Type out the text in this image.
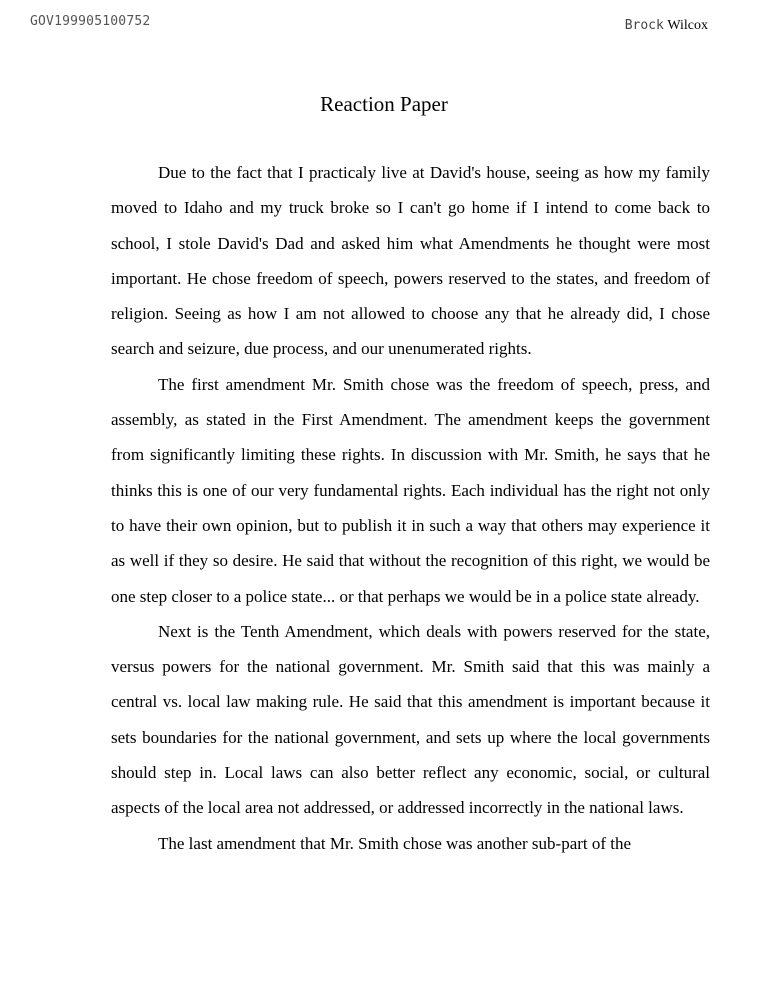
GOV199905100752	Brock Wilcox
Reaction Paper

Due to the fact that I practicaly live at David's house, seeing as how my family moved to Idaho and my truck broke so I can't go home if I intend to come back to school, I stole David's Dad and asked him what Amendments he thought were most important. He chose freedom of speech, powers reserved to the states, and freedom of religion. Seeing as how I am not allowed to choose any that he already did, I chose search and seizure, due process, and our unenumerated rights.

The first amendment Mr. Smith chose was the freedom of speech, press, and assembly, as stated in the First Amendment. The amendment keeps the government from significantly limiting these rights. In discussion with Mr. Smith, he says that he thinks this is one of our very fundamental rights. Each individual has the right not only to have their own opinion, but to publish it in such a way that others may experience it as well if they so desire. He said that without the recognition of this right, we would be one step closer to a police state... or that perhaps we would be in a police state already.

Next is the Tenth Amendment, which deals with powers reserved for the state, versus powers for the national government. Mr. Smith said that this was mainly a central vs. local law making rule. He said that this amendment is important because it sets boundaries for the national government, and sets up where the local governments should step in. Local laws can also better reflect any economic, social, or cultural aspects of the local area not addressed, or addressed incorrectly in the national laws.

The last amendment that Mr. Smith chose was another sub-part of the
